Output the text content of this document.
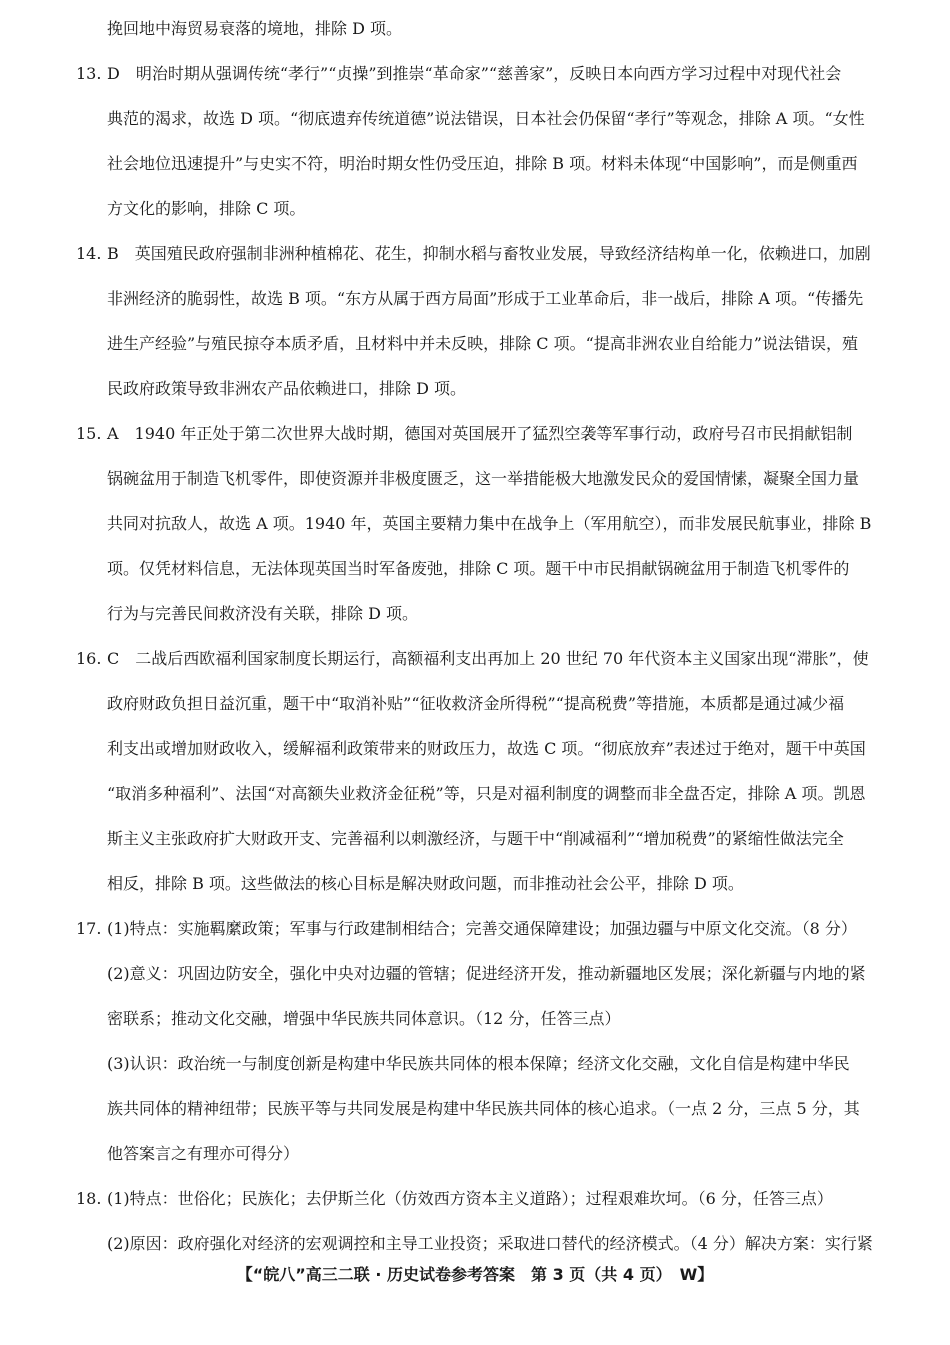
挽回地中海贸易衰落的境地，排除 D 项。
13. D　明治时期从强调传统“孝行”“贞操”到推崇“革命家”“慈善家”，反映日本向西方学习过程中对现代社会
典范的渴求，故选 D 项。“彻底遗弃传统道德”说法错误，日本社会仍保留“孝行”等观念，排除 A 项。“女性
社会地位迅速提升”与史实不符，明治时期女性仍受压迫，排除 B 项。材料未体现“中国影响”，而是侧重西
方文化的影响，排除 C 项。
14. B　英国殖民政府强制非洲种植棉花、花生，抑制水稻与畜牧业发展，导致经济结构单一化，依赖进口，加剧
非洲经济的脆弱性，故选 B 项。“东方从属于西方局面”形成于工业革命后，非一战后，排除 A 项。“传播先
进生产经验”与殖民掠夺本质矛盾，且材料中并未反映，排除 C 项。“提高非洲农业自给能力”说法错误，殖
民政府政策导致非洲农产品依赖进口，排除 D 项。
15. A　1940 年正处于第二次世界大战时期，德国对英国展开了猛烈空袭等军事行动，政府号召市民捐献铝制
锅碗盆用于制造飞机零件，即使资源并非极度匮乏，这一举措能极大地激发民众的爱国情愫，凝聚全国力量
共同对抗敌人，故选 A 项。1940 年，英国主要精力集中在战争上（军用航空），而非发展民航事业，排除 B
项。仅凭材料信息，无法体现英国当时军备废弛，排除 C 项。题干中市民捐献锅碗盆用于制造飞机零件的
行为与完善民间救济没有关联，排除 D 项。
16. C　二战后西欧福利国家制度长期运行，高额福利支出再加上 20 世纪 70 年代资本主义国家出现“滞胀”，使
政府财政负担日益沉重，题干中“取消补贴”“征收救济金所得税”“提高税费”等措施，本质都是通过减少福
利支出或增加财政收入，缓解福利政策带来的财政压力，故选 C 项。“彻底放弃”表述过于绝对，题干中英国
“取消多种福利”、法国“对高额失业救济金征税”等，只是对福利制度的调整而非全盘否定，排除 A 项。凯恩
斯主义主张政府扩大财政开支、完善福利以刺激经济，与题干中“削减福利”“增加税费”的紧缩性做法完全
相反，排除 B 项。这些做法的核心目标是解决财政问题，而非推动社会公平，排除 D 项。
17. (1)特点：实施羁縻政策；军事与行政建制相结合；完善交通保障建设；加强边疆与中原文化交流。（8 分）
(2)意义：巩固边防安全，强化中央对边疆的管辖；促进经济开发，推动新疆地区发展；深化新疆与内地的紧
密联系；推动文化交融，增强中华民族共同体意识。（12 分，任答三点）
(3)认识：政治统一与制度创新是构建中华民族共同体的根本保障；经济文化交融，文化自信是构建中华民
族共同体的精神纽带；民族平等与共同发展是构建中华民族共同体的核心追求。（一点 2 分，三点 5 分，其
他答案言之有理亦可得分）
18. (1)特点：世俗化；民族化；去伊斯兰化（仿效西方资本主义道路）；过程艰难坎坷。（6 分，任答三点）
(2)原因：政府强化对经济的宏观调控和主导工业投资；采取进口替代的经济模式。（4 分）解决方案：实行紧
【“皖八”高三二联 · 历史试卷参考答案　第 3 页（共 4 页）　W】
